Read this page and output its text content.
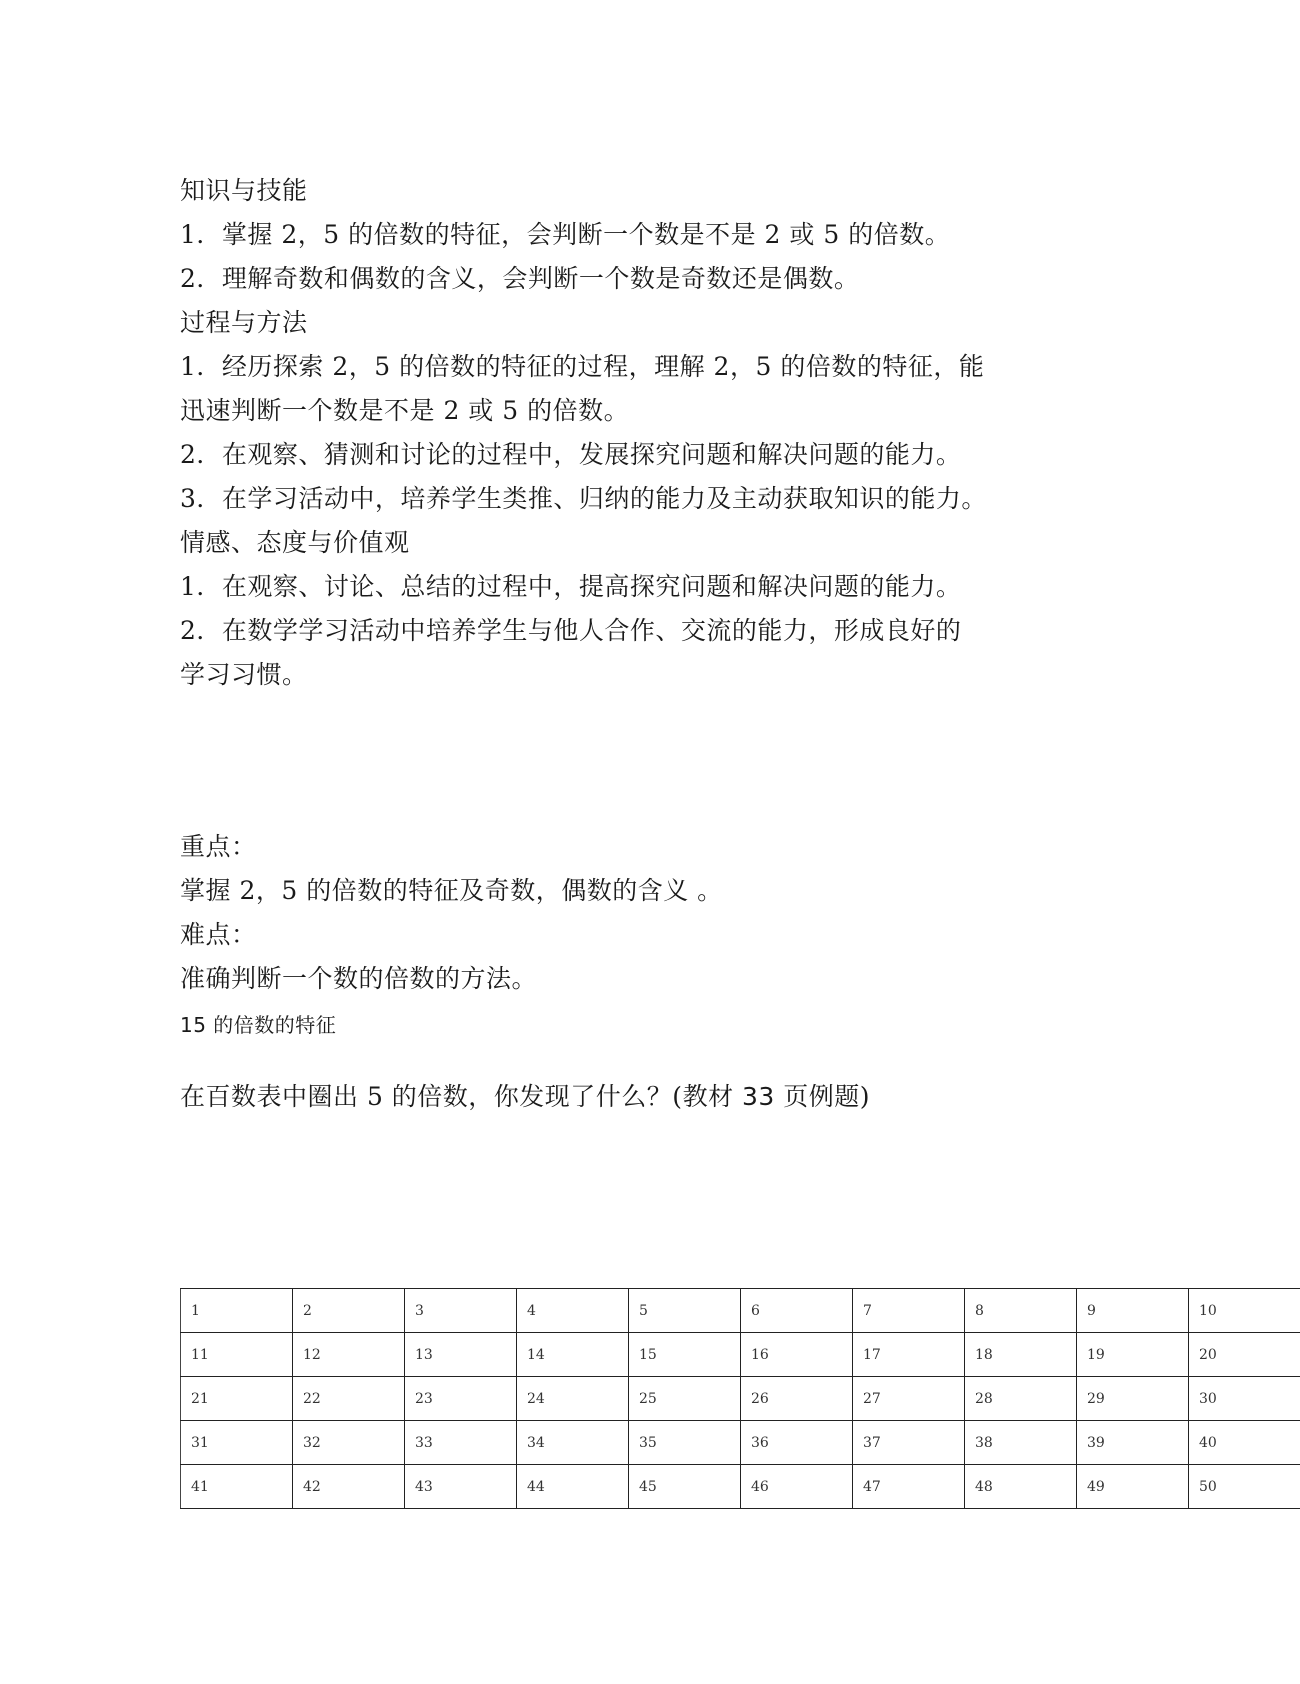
知识与技能
1．掌握 2，5 的倍数的特征，会判断一个数是不是 2 或 5 的倍数。
2．理解奇数和偶数的含义，会判断一个数是奇数还是偶数。
过程与方法
1．经历探索 2，5 的倍数的特征的过程，理解 2，5 的倍数的特征，能
迅速判断一个数是不是 2 或 5 的倍数。
2．在观察、猜测和讨论的过程中，发展探究问题和解决问题的能力。
3．在学习活动中，培养学生类推、归纳的能力及主动获取知识的能力。
情感、态度与价值观
1．在观察、讨论、总结的过程中，提高探究问题和解决问题的能力。
2．在数学学习活动中培养学生与他人合作、交流的能力，形成良好的
学习习惯。
重点：
掌握 2，5 的倍数的特征及奇数，偶数的含义 。
难点：
准确判断一个数的倍数的方法。
15 的倍数的特征
在百数表中圈出 5 的倍数，你发现了什么？(教材 33 页例题)
1	2	3	4	5	6	7	8	9	10
11	12	13	14	15	16	17	18	19	20
21	22	23	24	25	26	27	28	29	30
31	32	33	34	35	36	37	38	39	40
41	42	43	44	45	46	47	48	49	50
